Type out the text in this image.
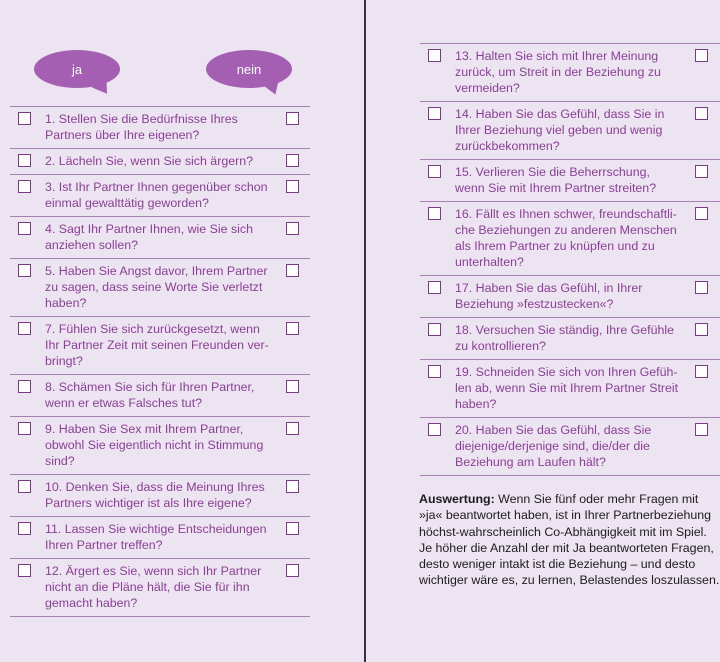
ja	nein
1. Stellen Sie die Bedürfnisse Ihres Partners über Ihre eigenen?
2. Lächeln Sie, wenn Sie sich ärgern?
3. Ist Ihr Partner Ihnen gegenüber schon einmal gewalttätig geworden?
4. Sagt Ihr Partner Ihnen, wie Sie sich anziehen sollen?
5. Haben Sie Angst davor, Ihrem Partner zu sagen, dass seine Worte Sie verletzt haben?
7. Fühlen Sie sich zurückgesetzt, wenn Ihr Partner Zeit mit seinen Freunden ver-bringt?
8. Schämen Sie sich für Ihren Partner, wenn er etwas Falsches tut?
9. Haben Sie Sex mit Ihrem Partner, obwohl Sie eigentlich nicht in Stimmung sind?
10. Denken Sie, dass die Meinung Ihres Partners wichtiger ist als Ihre eigene?
11. Lassen Sie wichtige Entscheidungen Ihren Partner treffen?
12. Ärgert es Sie, wenn sich Ihr Partner nicht an die Pläne hält, die Sie für ihn gemacht haben?
13. Halten Sie sich mit Ihrer Meinung zurück, um Streit in der Beziehung zu vermeiden?
14. Haben Sie das Gefühl, dass Sie in Ihrer Beziehung viel geben und wenig zurückbekommen?
15. Verlieren Sie die Beherrschung, wenn Sie mit Ihrem Partner streiten?
16. Fällt es Ihnen schwer, freundschaftli-che Beziehungen zu anderen Menschen als Ihrem Partner zu knüpfen und zu unterhalten?
17. Haben Sie das Gefühl, in Ihrer Beziehung »festzustecken«?
18. Versuchen Sie ständig, Ihre Gefühle zu kontrollieren?
19. Schneiden Sie sich von Ihren Gefüh-len ab, wenn Sie mit Ihrem Partner Streit haben?
20. Haben Sie das Gefühl, dass Sie diejenige/derjenige sind, die/der die Beziehung am Laufen hält?
Auswertung: Wenn Sie fünf oder mehr Fragen mit »ja« beantwortet haben, ist in Ihrer Partnerbeziehung höchst-wahrscheinlich Co-Abhängigkeit mit im Spiel. Je höher die Anzahl der mit Ja beantworteten Fragen, desto weniger intakt ist die Beziehung – und desto wichtiger wäre es, zu lernen, Belastendes loszulassen.
